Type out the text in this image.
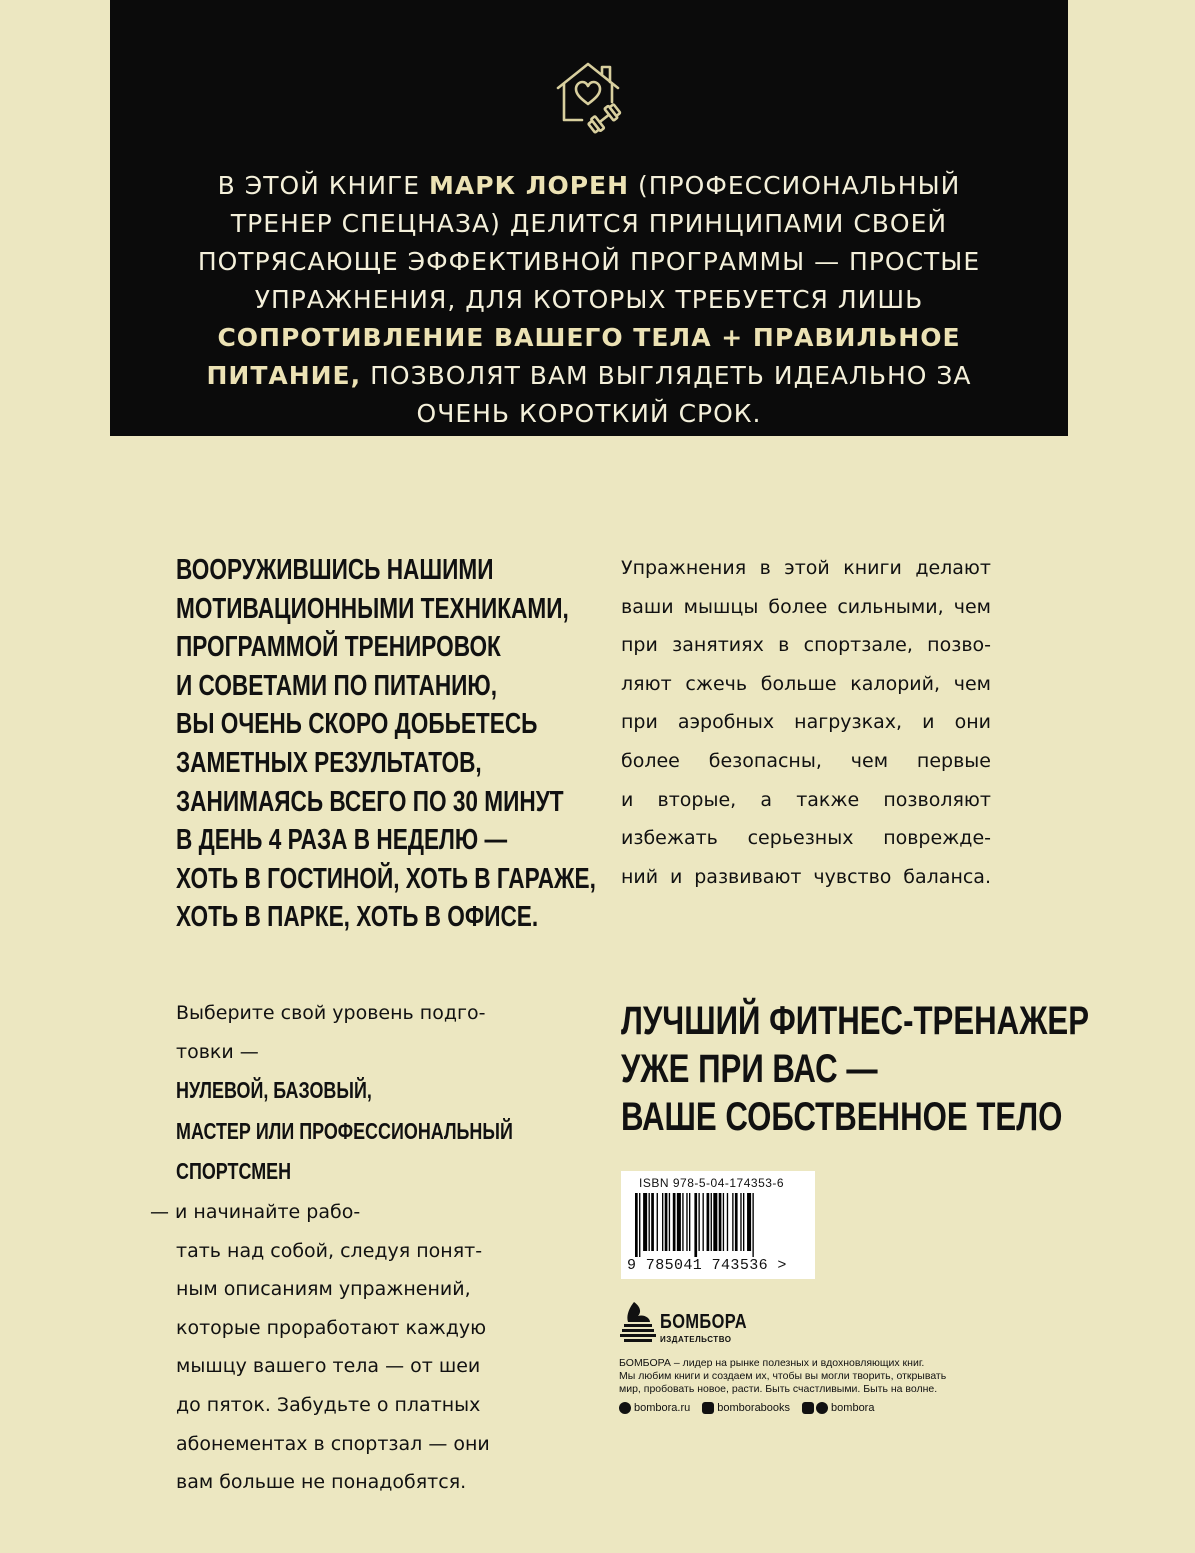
В ЭТОЙ КНИГЕ МАРК ЛОРЕН (ПРОФЕССИОНАЛЬНЫЙ ТРЕНЕР СПЕЦНАЗА) ДЕЛИТСЯ ПРИНЦИПАМИ СВОЕЙ ПОТРЯСАЮЩЕ ЭФФЕКТИВНОЙ ПРОГРАММЫ — ПРОСТЫЕ УПРАЖНЕНИЯ, ДЛЯ КОТОРЫХ ТРЕБУЕТСЯ ЛИШЬ СОПРОТИВЛЕНИЕ ВАШЕГО ТЕЛА + ПРАВИЛЬНОЕ ПИТАНИЕ, ПОЗВОЛЯТ ВАМ ВЫГЛЯДЕТЬ ИДЕАЛЬНО ЗА ОЧЕНЬ КОРОТКИЙ СРОК.

ВООРУЖИВШИСЬ НАШИМИ
МОТИВАЦИОННЫМИ ТЕХНИКАМИ,
ПРОГРАММОЙ ТРЕНИРОВОК
И СОВЕТАМИ ПО ПИТАНИЮ,
ВЫ ОЧЕНЬ СКОРО ДОБЬЕТЕСЬ
ЗАМЕТНЫХ РЕЗУЛЬТАТОВ,
ЗАНИМАЯСЬ ВСЕГО ПО 30 МИНУТ
В ДЕНЬ 4 РАЗА В НЕДЕЛЮ —
ХОТЬ В ГОСТИНОЙ, ХОТЬ В ГАРАЖЕ,
ХОТЬ В ПАРКЕ, ХОТЬ В ОФИСЕ.
Упражнения в этой книги делают
ваши мышцы более сильными, чем
при занятиях в спортзале, позво-
ляют сжечь больше калорий, чем
при аэробных нагрузках, и они
более безопасны, чем первые
и вторые, а также позволяют
избежать серьезных поврежде-
ний и развивают чувство баланса.
Выберите свой уровень подго-
товки —
НУЛЕВОЙ, БАЗОВЫЙ,
МАСТЕР ИЛИ ПРОФЕССИОНАЛЬНЫЙ
СПОРТСМЕН
— и начинайте рабо-
тать над собой, следуя понят-
ным описаниям упражнений,
которые проработают каждую
мышцу вашего тела — от шеи
до пяток. Забудьте о платных
абонементах в спортзал — они
вам больше не понадобятся.
ЛУЧШИЙ ФИТНЕС-ТРЕНАЖЕР
УЖЕ ПРИ ВАС —
ВАШЕ СОБСТВЕННОЕ ТЕЛО
ISBN 978-5-04-174353-6
9 785041 743536 >
БОМБОРА
ИЗДАТЕЛЬСТВО
БОМБОРА – лидер на рынке полезных и вдохновляющих книг.
Мы любим книги и создаем их, чтобы вы могли творить, открывать
мир, пробовать новое, расти. Быть счастливыми. Быть на волне.
bombora.ru bomborabooks	bombora
